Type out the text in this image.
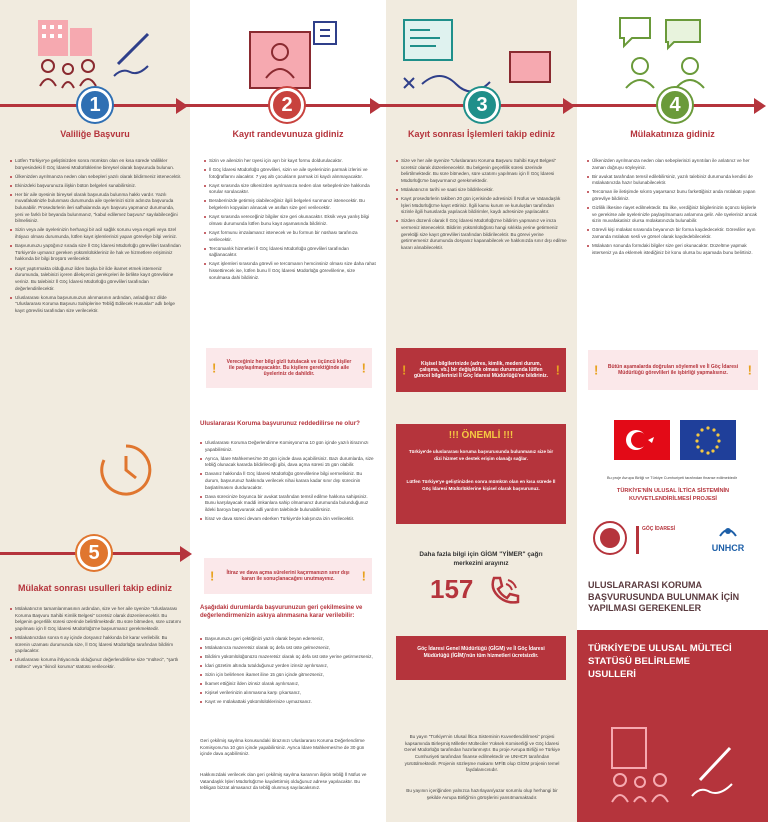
1
Valiliğe Başvuru
2
Kayıt randevunuza gidiniz
3
Kayıt sonrası İşlemleri takip ediniz
4
Mülakatınıza gidiniz
Lütfen Türkiye'ye geliştiniz​den sonra mümkün olan en kısa sürede Valilikler bünyesindeki İl Göç İdaresi Müdürlüklerine bireysel olarak başvuruda bulunun.
Ülkenizden ayrılmanıza neden olan sebepleri yazılı olarak bildirmeniz istenecektir.
Ekinizdeki başvurunuza ilişkin bütün belgeleri sunabilirsiniz.
Her bir aile üyesinin bireysel olarak başvuruda bulunma hakkı vardır. Yazılı muvafakatinizle bulunması durumunda aile üyelerinizi sizin adınıza başvuruda bulunabilir. Prosedürlerin ileri safhalarında ayrı başvuru yapmanız durumunda, yeni ve farklı bir beyanda bulunmanız, "kabul edilemez başvuru" sayılabileceğini bilmelisiniz.
Sizin veya aile üyelerinizin herhangi bir acil sağlık sorunu veya engeli veya özel ihtiyacı olması durumunda, lütfen kayıt işlemlerinizi yapan görevliye bilgi veriniz.
Başvurunuzu yaptığınız sırada size İl Göç İdaresi Müdürlüğü görevlileri tarafından Türkiye'de uymanız gereken yükümlülükleriniz ile hak ve hizmetlere erişiminiz hakkında bir bilgi broşürü verilecektir.
Kayıt yaptırmakta olduğunuz ilden başka bir ilde ikamet etmek istemeniz durumunda, talebinizi içeren dilekçenizi gerekçeleri ile birlikte kayıt görevlisine veriniz. Bu talebiniz İl Göç İdaresi Müdürlüğü görevlileri tarafından değerlendirilecektir.
Uluslararası koruma başvurunuzun alınmasının ardından, anladığınız dilde "Uluslararası Koruma Başvuru Sahiplerine Tebliğ Edilecek Hususlar" adlı belge kayıt görevlisi tarafından size verilecektir.
Sizin ve ailenizin her üyesi için ayrı bir kayıt formu doldurulacaktır.
İl Göç İdaresi Müdürlüğü görevlileri, sizin ve aile üyelerinizin parmak izlerini ve fotoğraflarını alacaktır. 7 yaş altı çocukların parmak izi kaydı alınmayacaktır.
Kayıt sırasında size ülkenizden ayrılmanıza neden olan sebeplerinize hakkında sorular sorulacaktır.
Beraberinizde getirmiş olabileceğiniz ilgili belgeleri sunmanız istenecektir. Bu belgelerin kopyaları alınacak ve asılları size geri verilecektir.
Kayıt sırasında vereceğiniz bilgiler size geri okunacaktır. Eksik veya yanlış bilgi olması durumunda lütfen bunu kayıt aşamasında bildiriniz.
Kayıt formunu imzalamanız istenecek ve bu formun bir nüshası tarafınıza verilecektir.
Tercümanlık hizmetleri İl Göç İdaresi Müdürlüğü görevlileri tarafından sağlanacaktır.
Kayıt işlemleri sırasında görevli ve tercümanın hemcinsiniz olması size daha rahat hissettirecek ise, lütfen bunu İl Göç İdaresi Müdürlüğü görevlilerine, size sorulmasa dahi bildiriniz.
Size ve her aile üyenize "Uluslararası Koruma Başvuru Sahibi Kayıt Belgesi" ücretsiz olarak düzenlenecektir. Bu belgenin geçerlilik süresi üzerinde belirtilmektedir. Bu süre bitmeden, süre uzatımı yapılması için İl Göç İdaresi Müdürlüğü'ne başvurmanız gerekmektedir.
Mülakatınızın tarihi ve saati size bildirilecektir.
Kayıt prosedürlerin takiben 20 gün içerisinde adresinizi İl Nüfus ve Vatandaşlık İşleri Müdürlüğü'ne kayıt ettiriniz. İlgili kamu kurum ve kuruluşları tarafından sizinle ilgili hususlarda yapılacak bildirimler, kaydı adresinize yapılacaktır.
Sizden düzenli olarak İl Göç İdaresi Müdürlüğü'ne bildirim yapmanız ve imza vermeniz istenecektir. Bildirim yükümlülüğünü hangi sıklıkla yerine getirmeniz gerektiği size kayıt görevlileri tarafından bildirilecektir. Bu görevi yerine getirmemeniz durumunda dosyanız kapanabilecek ve hakkınızda sınır dışı edilme kararı alınabilecektir.
Ülkenizden ayrılmanıza neden olan sebeplerinizi ayrıntıları ile anlatınız ve her zaman doğruyu söyleyiniz.
Bir avukat tarafından temsil edilebilirsiniz, yazılı talebiniz durumunda kendisi de mülakatınızda hazır bulunabilecektir.
Tercüman ile iletişimde sıkıntı yaşarsanız bunu farkettiğiniz anda mülakatı yapan görevliye bildiriniz.
Gizlilik ilkesine riayet edilmektedir. Bu ilke, verdiğiniz bilgilerinizin üçüncü kişilerle ve gerekirse aile üyelerinizle paylaşılmaması anlamına gelir. Aile üyeleriniz ancak sizin muvafakatiniz olursa mülakatınızda bulunabilir.
Görevli kişi mülakat sırasında beyanınızı bir forma kaydedecektir. Görevliler ayın zamanda mülakatı sesli ve görsel olarak kaydedebilecektir.
Mülakatın sonunda formdaki bilgiler size geri okunacaktır. Düzeltme yapmak isterseniz ya da eklemek istediğiniz bir konu olursa bu aşamada bunu belirtiniz.
!	Vereceğiniz her bilgi gizli tutulacak ve üçüncü kişiler ile paylaşılmayacaktır. Bu kişilere gerektiğinde aile üyeleriniz de dahildir.	!	!	Kişisel bilgilerinizde (adres, kimlik, medeni durum, çalışma, vb.) bir değişiklik olması durumunda lütfen güncel bilgilerinizi İl Göç İdaresi Müdürlüğü'ne bildiriniz. !	!	Bütün aşamalarda doğruları söylemeli ve İl Göç İdaresi Müdürlüğü görevlileri ile işbirliği yapmalısınız.	!
5
Mülakat sonrası usulleri takip ediniz
Mülakatınızın tamamlanmasının ardından, size ve her aile üyenize "Uluslararası Koruma Başvuru Sahibi Kimlik Belgesi" ücretsiz olarak düzenlenecektir. Bu belgenin geçerlilik süresi üzerinde belirtilmektedir. Bu süre bitmeden, süre uzatımı yapılması için İl Göç İdaresi Müdürlüğü'ne başvurmanız gerekmektedir.
Mülakatınızdan sonra 6 ay içinde dosyanız hakkında bir karar verilebilir. Bu sürenin uzaması durumunda size, İl Göç İdaresi Müdürlüğü tarafından bildirim yapılacaktır.
Uluslararası koruma ihtiyacında olduğunuz değerlendirilirse size "mülteci", "şartlı mülteci" veya "ikincil koruma" statüsü verilecektir.
Uluslararası Koruma başvurunuz reddedilirse ne olur?
Uluslararası Koruma Değerlendirme Komisyonu'na 10 gün içinde yazılı itirazınızı yapabilirsiniz.
Ayrıca, İdare Mahkemesi'ne 30 gün içinde dava açabilirsiniz. Bazı durumlarda, size tebliğ olunacak kararda bildirileceği gibi, dava açma süresi 15 gün olabilir.
Davanız hakkında İl Göç İdaresi Müdürlüğü görevlilerine bilgi vermelisiniz. Bu durum, başvurunuz hakkında verilecek nihai karara kadar sınır dışı sürecinin başlatılmasını durduracaktır.
Dava sürecinize boyunca bir avukat tarafından temsil edilme hakkına sahipsiniz. Bunu karşılayacak maddi imkanlara sahip olmamanız durumunda bulunduğunuz ildeki baroya başvurarak adli yardım talebinde bulunabilirsiniz.
İtiraz ve dava süreci devam ederken Türkiye'de kalışınıza izin verilecektir.
!	İtiraz ve dava açma sürelerini kaçırmanızın sınır dışı kararı ile sonuçlanacağını unutmayınız.	!
Aşağıdaki durumlarda başvurunuzun geri çekilmesine ve değerlendirmenizin askıya alınmasına karar verilebilir:
Başvurunuzu geri çektiğinizi yazılı olarak beyan ederseniz,
Mülakatınıza mazeretsiz olarak üç defa üst üste gelmezseniz,
Bildirim yükümlülüğünüzü mazeretsiz olarak üç defa üst üste yerine getirmezseniz,
İdari gözetim altında tutulduğunuz yerden izinsiz ayrılırsanız,
Sizin için belirlenen ikamet iline 15 gün içinde gitmezseniz,
İkamet ettiğiniz ilden izinsiz olarak ayrılırsanız,
Kişisel verilerinizin alınmasına karşı çıkarsanız,
Kayıt ve mülakattaki yükümlülüklerinize uymazsanız.
Geri çekilmiş sayılma konusundaki itirazınızı Uluslararası Koruma Değerlendirme Komisyonu'na 10 gün içinde yapabilirsiniz. Ayrıca İdare Mahkemesi'ne de 30 gün içinde dava açabilirsiniz.
Hakkınızdaki verilecek olan geri çekilmiş sayılma kararının ilişkin tebliğ İl Nüfus ve Vatandaşlık İşleri Müdürlüğü'ne kaydettirmiş olduğunuz adrese yapılacaktır. Bu tebligatı bizzat almasanız da tebliğ olunmuş sayılacaksınız.
!!! ÖNEMLİ !!!
Türkiye'de uluslararası koruma başvurusunda bulunmanız size bir dizi hizmet ve destek erişim olanağı sağlar.
Lütfen Türkiye'ye geliştiniz​den sonra mümkün olan en kısa sürede İl Göç İdaresi Müdürlüklerine kişisel olarak başvurunuz.
Daha fazla bilgi için GİGM "YİMER" çağrı merkezini arayınız
157
Göç İdaresi Genel Müdürlüğü (GİGM) ve İl Göç İdaresi Müdürlüğü (İGİM)'nün tüm hizmetleri ücretsizdir.
Bu yayın "Türkiye'nin Ulusal İltica Sisteminin Kuvvetlendirilmesi" projesi kapsamında Birleşmiş Milletler Mülteciler Yüksek Komiserliği ve Göç İdaresi Genel Müdürlüğü tarafından hazırlanmıştır. Bu proje Avrupa Birliği ve Türkiye Cumhuriyeti tarafından finanse edilmektedir ve UNHCR tarafından yürütülmektedir. Projenin sözleşme makamı MFİB olup GİGM projenin temel faydalanıcısıdır.
Bu yayının içeriğinden yalnızca hazırlayan/yazar sorumlu olup herhangi bir şekilde Avrupa Birliği'nin görüşlerini yansıtmamaktadır.
Bu proje Avrupa Birliği ve Türkiye Cumhuriyeti tarafından finanse edilmektedir
TÜRKİYE'NİN ULUSAL İLTİCA SİSTEMİNİN KUVVETLENDİRİLMESİ PROJESİ
GÖÇ İDARESİ
UNHCR
ULUSLARARASI KORUMA BAŞVURUSUNDA BULUNMAK İÇİN YAPILMASI GEREKENLER
TÜRKİYE'DE ULUSAL MÜLTECİ STATÜSÜ BELİRLEME USULLERİ
